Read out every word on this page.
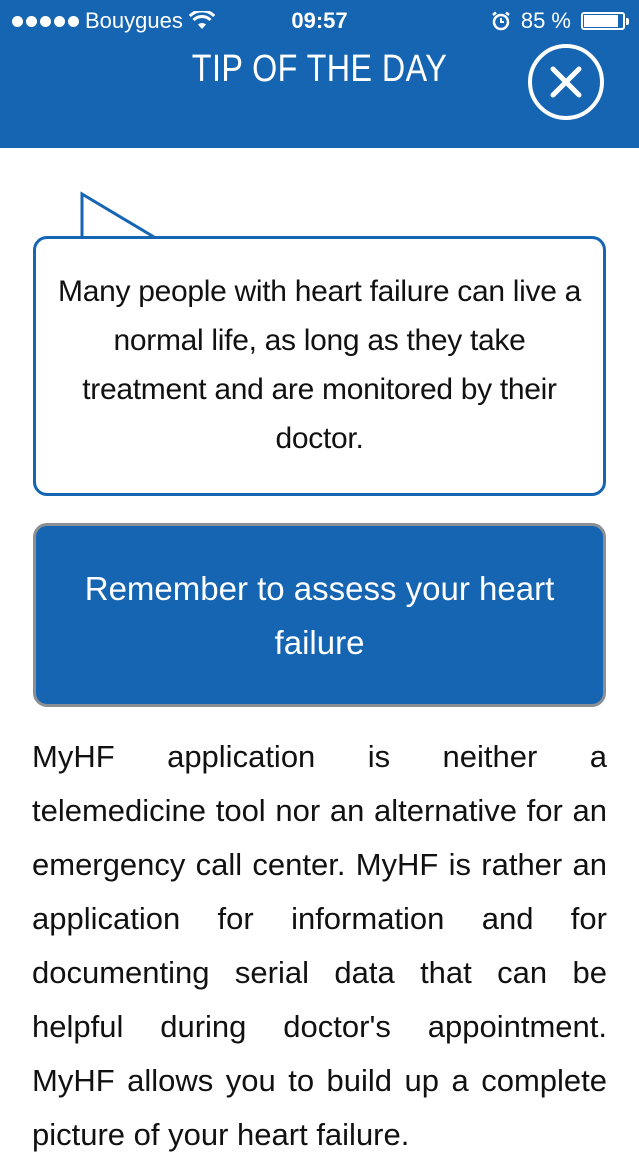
Bouygues	09:57	85 %
TIP OF THE DAY
Many people with heart failure can live a normal life, as long as they take treatment and are monitored by their doctor.
Remember to assess your heart failure
MyHF application is neither a telemedicine tool nor an alternative for an emergency call center. MyHF is rather an application for information and for documenting serial data that can be helpful during doctor's appointment. MyHF allows you to build up a complete picture of your heart failure.
